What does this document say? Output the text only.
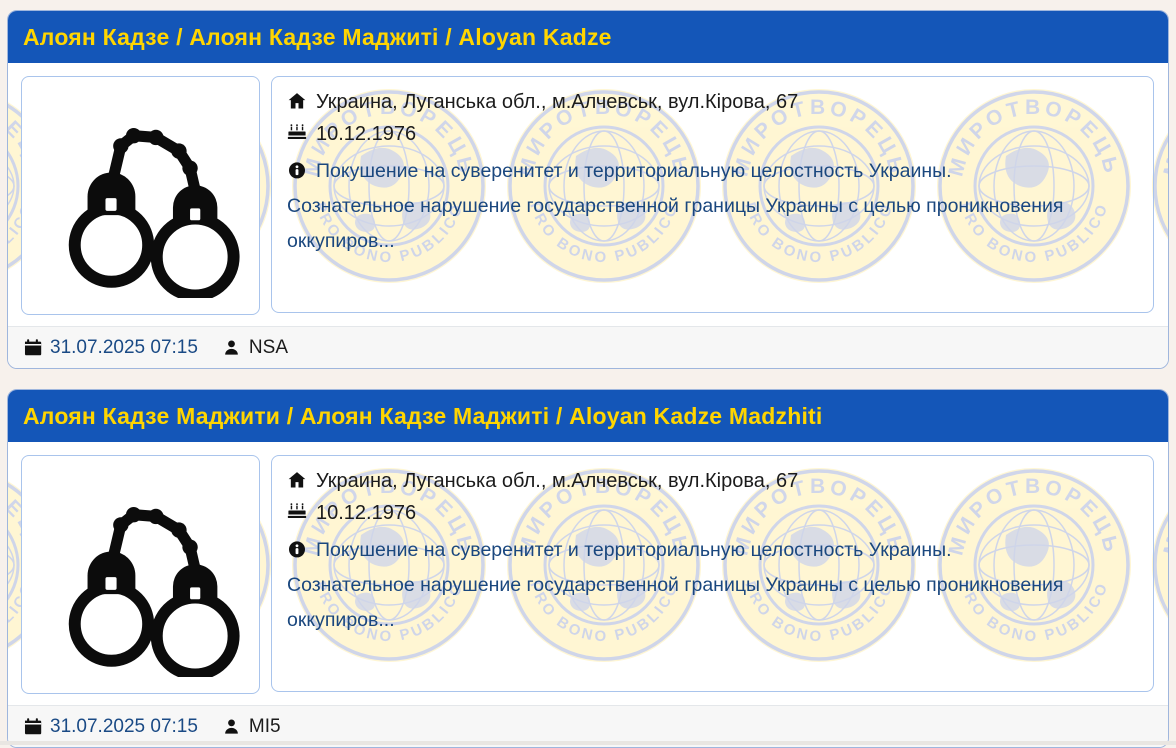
Алоян Кадзе / Алоян Кадзе Маджиті / Aloyan Kadze
Украина, Луганська обл., м.Алчевськ, вул.Кірова, 67
10.12.1976
Покушение на суверенитет и территориальную целостность Украины.
Сознательное нарушение государственной границы Украины с целью проникновения оккупиров...
31.07.2025 07:15	NSA
Алоян Кадзе Маджити / Алоян Кадзе Маджиті / Aloyan Kadze Madzhiti
Украина, Луганська обл., м.Алчевськ, вул.Кірова, 67
10.12.1976
Покушение на суверенитет и территориальную целостность Украины.
Сознательное нарушение государственной границы Украины с целью проникновения оккупиров...
31.07.2025 07:15	MI5
